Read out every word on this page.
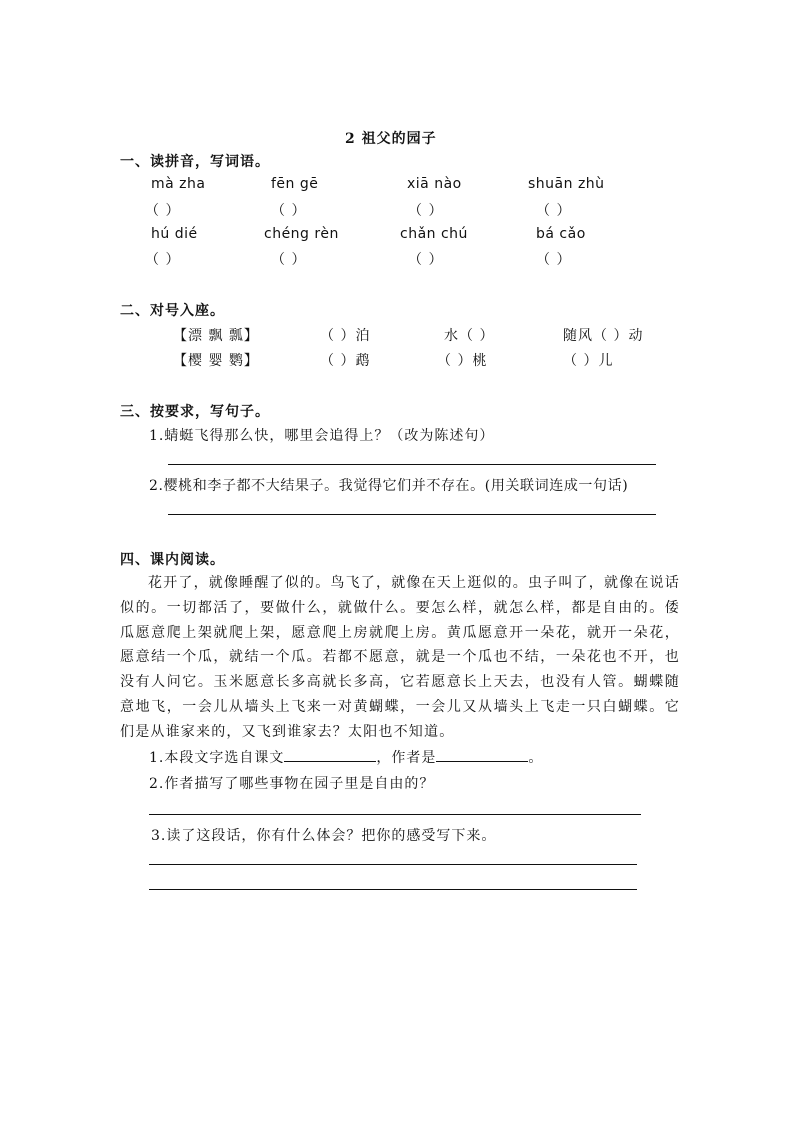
2 祖父的园子
一、读拼音，写词语。
mà zha	fēn gē	xiā nào	shuān zhù
（ ）	（ ）	（ ）	（ ）
hú dié	chéng rèn	chǎn chú	bá cǎo
（ ）	（ ）	（ ）	（ ）
二、对号入座。
【漂 飘 瓢】	（ ）泊	水（ ）	随风（ ）动
【樱 婴 鹦】	（ ）鹉	（ ）桃	（ ）儿
三、按要求，写句子。
1.蜻蜓飞得那么快，哪里会追得上？（改为陈述句）
2.樱桃和李子都不大结果子。我觉得它们并不存在。(用关联词连成一句话)
四、课内阅读。

花开了，就像睡醒了似的。鸟飞了，就像在天上逛似的。虫子叫了，就像在说话似的。一切都活了，要做什么，就做什么。要怎么样，就怎么样，都是自由的。倭瓜愿意爬上架就爬上架，愿意爬上房就爬上房。黄瓜愿意开一朵花，就开一朵花，愿意结一个瓜，就结一个瓜。若都不愿意，就是一个瓜也不结，一朵花也不开，也没有人问它。玉米愿意长多高就长多高，它若愿意长上天去，也没有人管。蝴蝶随意地飞，一会儿从墙头上飞来一对黄蝴蝶，一会儿又从墙头上飞走一只白蝴蝶。它们是从谁家来的，又飞到谁家去？太阳也不知道。

1.本段文字选自课文	，作者是	。
2.作者描写了哪些事物在园子里是自由的？
3.读了这段话，你有什么体会？把你的感受写下来。
